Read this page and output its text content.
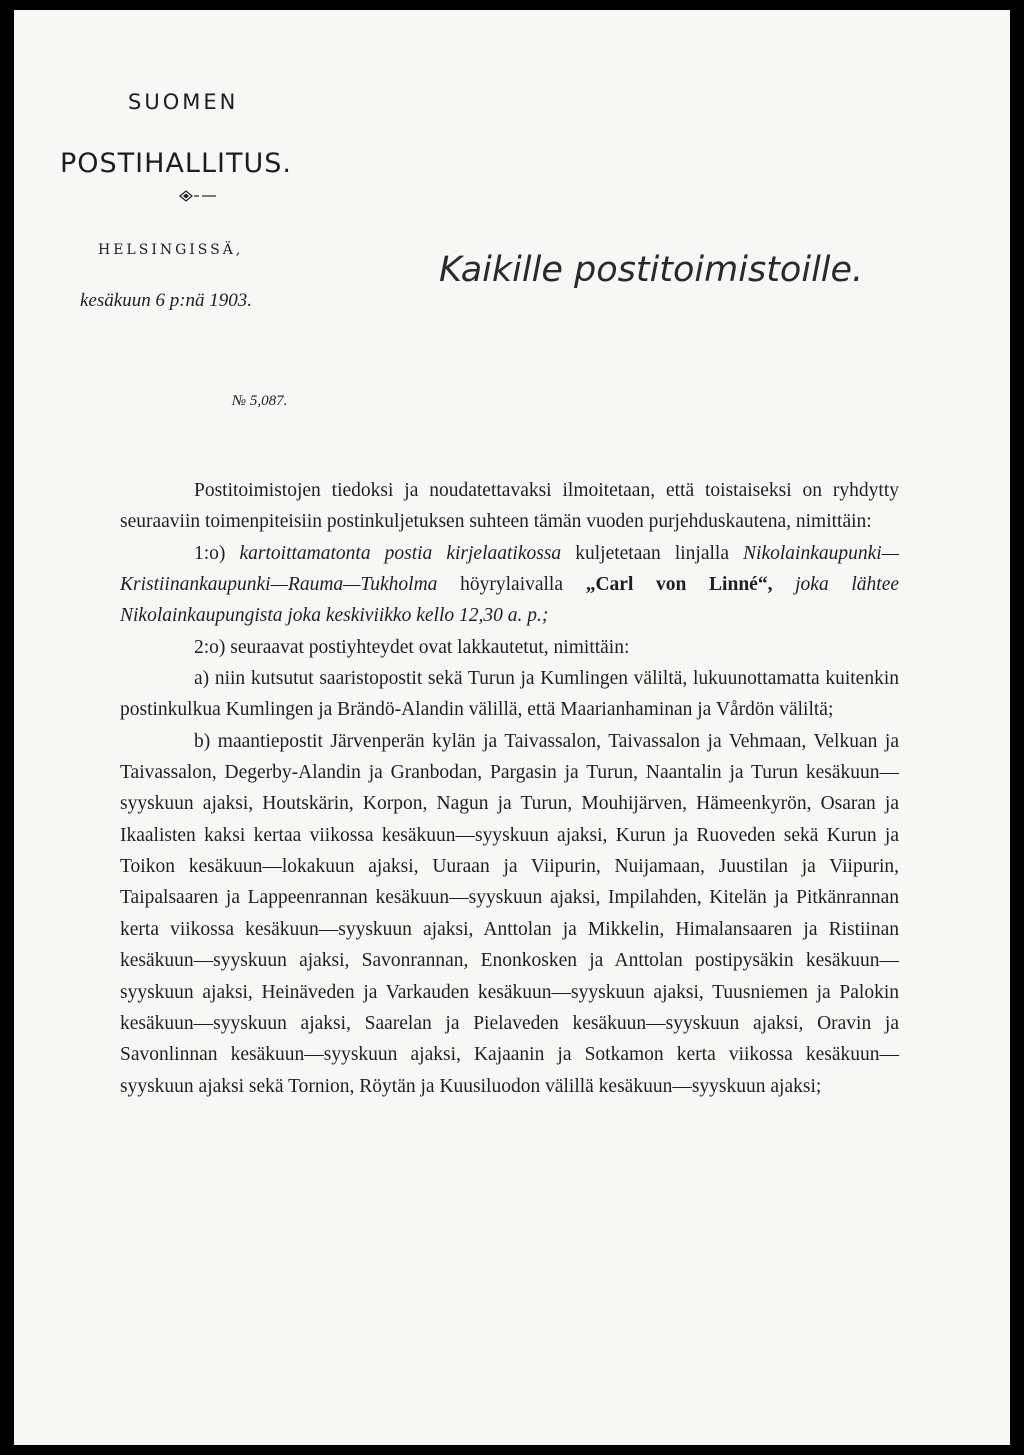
SUOMEN
POSTIHALLITUS.
HELSINGISSÄ,
kesäkuun 6 p:nä 1903.
Kaikille postitoimistoille.
№ 5,087.

Postitoimistojen tiedoksi ja noudatettavaksi ilmoitetaan, että toistaiseksi on ryhdytty seuraaviin toimenpiteisiin postinkuljetuksen suhteen tämän vuoden purjehduskautena, nimittäin:

1:o) kartoittamatonta postia kirjelaatikossa kuljetetaan linjalla Nikolainkaupunki—Kristiinankaupunki—Rauma—Tukholma höyrylaivalla „Carl von Linné“, joka lähtee Nikolainkaupungista joka keskiviikko kello 12,30 a. p.;

2:o) seuraavat postiyhteydet ovat lakkautetut, nimittäin:

a) niin kutsutut saaristopostit sekä Turun ja Kumlingen väliltä, lukuunottamatta kuitenkin postinkulkua Kumlingen ja Brändö-Alandin välillä, että Maarianhaminan ja Vårdön väliltä;

b) maantiepostit Järvenperän kylän ja Taivassalon, Taivassalon ja Vehmaan, Velkuan ja Taivassalon, Degerby-Alandin ja Granbodan, Pargasin ja Turun, Naantalin ja Turun kesäkuun—syyskuun ajaksi, Houtskärin, Korpon, Nagun ja Turun, Mouhijärven, Hämeenkyrön, Osaran ja Ikaalisten kaksi kertaa viikossa kesäkuun—syyskuun ajaksi, Kurun ja Ruoveden sekä Kurun ja Toikon kesäkuun—lokakuun ajaksi, Uuraan ja Viipurin, Nuijamaan, Juustilan ja Viipurin, Taipalsaaren ja Lappeenrannan kesäkuun—syyskuun ajaksi, Impilahden, Kitelän ja Pitkänrannan kerta viikossa kesäkuun—syyskuun ajaksi, Anttolan ja Mikkelin, Himalansaaren ja Ristiinan kesäkuun—syyskuun ajaksi, Savonrannan, Enonkosken ja Anttolan postipysäkin kesäkuun—syyskuun ajaksi, Heinäveden ja Varkauden kesäkuun—syyskuun ajaksi, Tuusniemen ja Palokin kesäkuun—syyskuun ajaksi, Saarelan ja Pielaveden kesäkuun—syyskuun ajaksi, Oravin ja Savonlinnan kesäkuun—syyskuun ajaksi, Kajaanin ja Sotkamon kerta viikossa kesäkuun—syyskuun ajaksi sekä Tornion, Röytän ja Kuusiluodon välillä kesäkuun—syyskuun ajaksi;
